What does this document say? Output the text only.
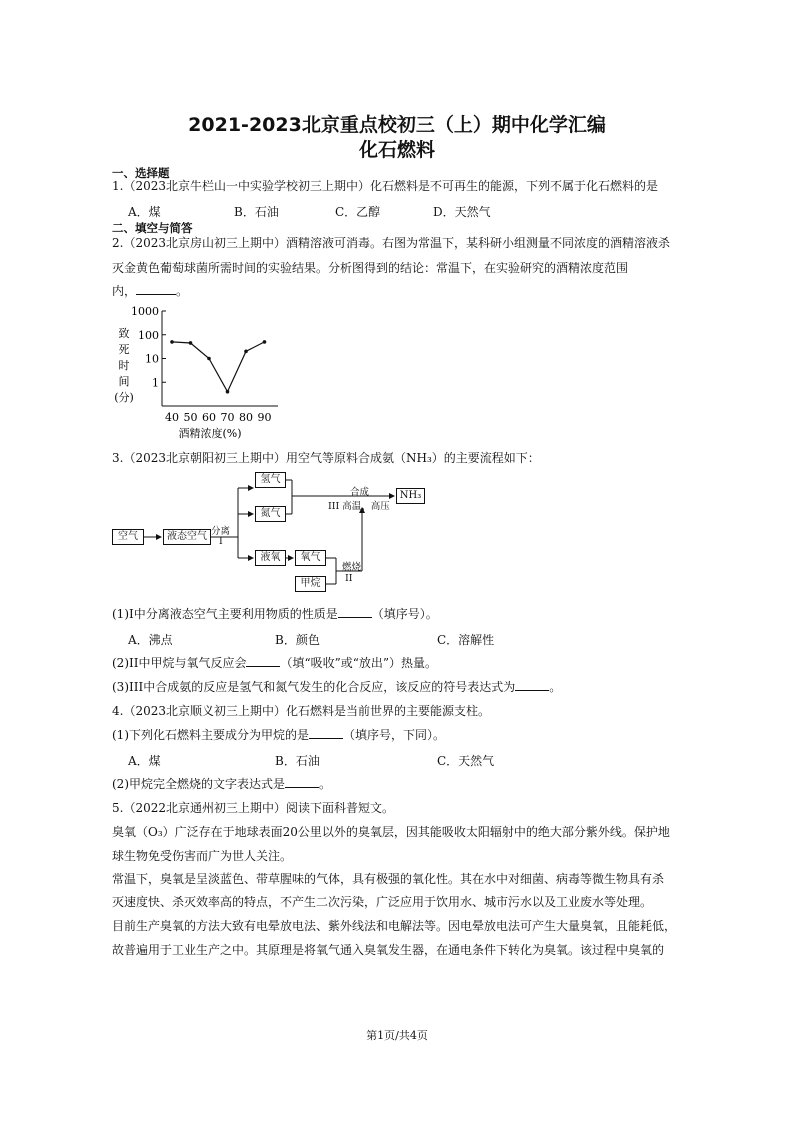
2021-2023北京重点校初三（上）期中化学汇编
化石燃料
一、选择题
1.（2023北京牛栏山一中实验学校初三上期中）化石燃料是不可再生的能源，下列不属于化石燃料的是
A．煤	B．石油	C．乙醇	D．天然气
二、填空与简答
2.（2023北京房山初三上期中）酒精溶液可消毒。右图为常温下，某科研小组测量不同浓度的酒精溶液杀
灭金黄色葡萄球菌所需时间的实验结果。分析图得到的结论：常温下，在实验研究的酒精浓度范围
内，	。
1000
100
10
1
40 50 60 70 80 90
致
死
时
间
(分)
酒精浓度(%)
3.（2023北京朝阳初三上期中）用空气等原料合成氨（NH₃）的主要流程如下：
空气	液态空气 分离
I
氢气
氮气
液氧	氧气
甲烷
燃烧
II
合成
III 高温、高压
NH₃
(1)I中分离液态空气主要利用物质的性质是	（填序号）。
A．沸点	B．颜色	C．溶解性
(2)II中甲烷与氧气反应会	（填“吸收”或“放出”）热量。
(3)III中合成氨的反应是氢气和氮气发生的化合反应，该反应的符号表达式为	。
4.（2023北京顺义初三上期中）化石燃料是当前世界的主要能源支柱。
(1)下列化石燃料主要成分为甲烷的是	（填序号，下同）。
A．煤	B．石油	C．天然气
(2)甲烷完全燃烧的文字表达式是	。
5.（2022北京通州初三上期中）阅读下面科普短文。
臭氧（O₃）广泛存在于地球表面20公里以外的臭氧层，因其能吸收太阳辐射中的绝大部分紫外线。保护地
球生物免受伤害而广为世人关注。
常温下，臭氧是呈淡蓝色、带草腥味的气体，具有极强的氧化性。其在水中对细菌、病毒等微生物具有杀
灭速度快、杀灭效率高的特点，不产生二次污染，广泛应用于饮用水、城市污水以及工业废水等处理。
目前生产臭氧的方法大致有电晕放电法、紫外线法和电解法等。因电晕放电法可产生大量臭氧，且能耗低，
故普遍用于工业生产之中。其原理是将氧气通入臭氧发生器，在通电条件下转化为臭氧。该过程中臭氧的
第1页/共4页
